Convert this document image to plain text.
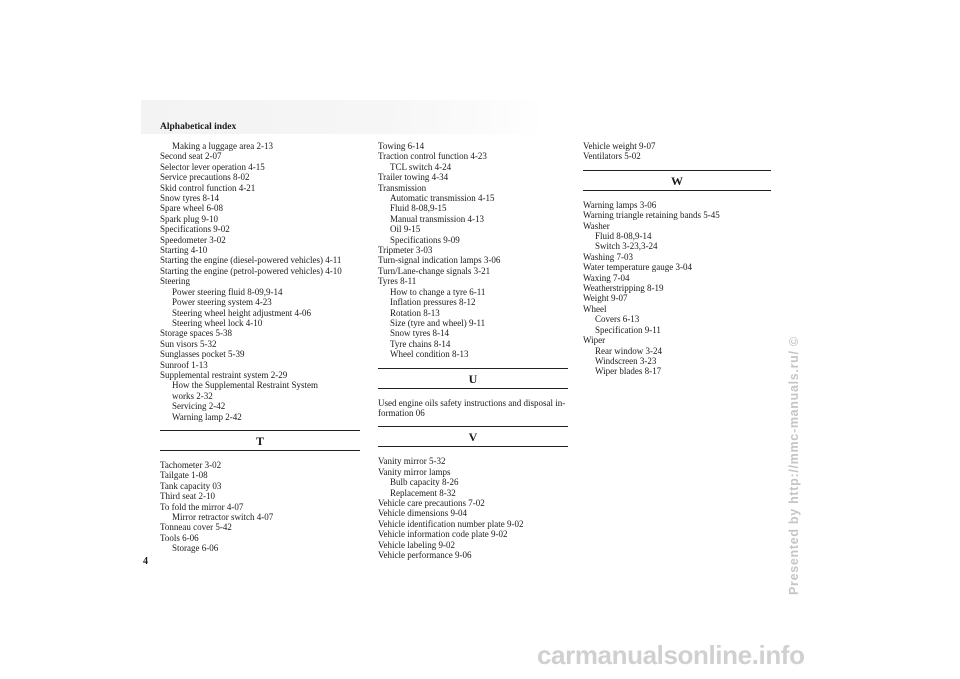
Alphabetical index
Making a luggage area 2-13
Second seat 2-07
Selector lever operation 4-15
Service precautions 8-02
Skid control function 4-21
Snow tyres 8-14
Spare wheel 6-08
Spark plug 9-10
Specifications 9-02
Speedometer 3-02
Starting 4-10
Starting the engine (diesel-powered vehicles) 4-11
Starting the engine (petrol-powered vehicles) 4-10
Steering
Power steering fluid 8-09,9-14
Power steering system 4-23
Steering wheel height adjustment 4-06
Steering wheel lock 4-10
Storage spaces 5-38
Sun visors 5-32
Sunglasses pocket 5-39
Sunroof 1-13
Supplemental restraint system 2-29
How the Supplemental Restraint System
works 2-32
Servicing 2-42
Warning lamp 2-42
T
Tachometer 3-02
Tailgate 1-08
Tank capacity 03
Third seat 2-10
To fold the mirror 4-07
Mirror retractor switch 4-07
Tonneau cover 5-42
Tools 6-06
Storage 6-06
Towing 6-14
Traction control function 4-23
TCL switch 4-24
Trailer towing 4-34
Transmission
Automatic transmission 4-15
Fluid 8-08,9-15
Manual transmission 4-13
Oil 9-15
Specifications 9-09
Tripmeter 3-03
Turn-signal indication lamps 3-06
Turn/Lane-change signals 3-21
Tyres 8-11
How to change a tyre 6-11
Inflation pressures 8-12
Rotation 8-13
Size (tyre and wheel) 9-11
Snow tyres 8-14
Tyre chains 8-14
Wheel condition 8-13
U
Used engine oils safety instructions and disposal in-formation 06
V
Vanity mirror 5-32
Vanity mirror lamps
Bulb capacity 8-26
Replacement 8-32
Vehicle care precautions 7-02
Vehicle dimensions 9-04
Vehicle identification number plate 9-02
Vehicle information code plate 9-02
Vehicle labeling 9-02
Vehicle performance 9-06
Vehicle weight 9-07
Ventilators 5-02
W
Warning lamps 3-06
Warning triangle retaining bands 5-45
Washer
Fluid 8-08,9-14
Switch 3-23,3-24
Washing 7-03
Water temperature gauge 3-04
Waxing 7-04
Weatherstripping 8-19
Weight 9-07
Wheel
Covers 6-13
Specification 9-11
Wiper
Rear window 3-24
Windscreen 3-23
Wiper blades 8-17
4	Presented by http://mmc-manuals.ru/ ©
carmanualsonline.info
